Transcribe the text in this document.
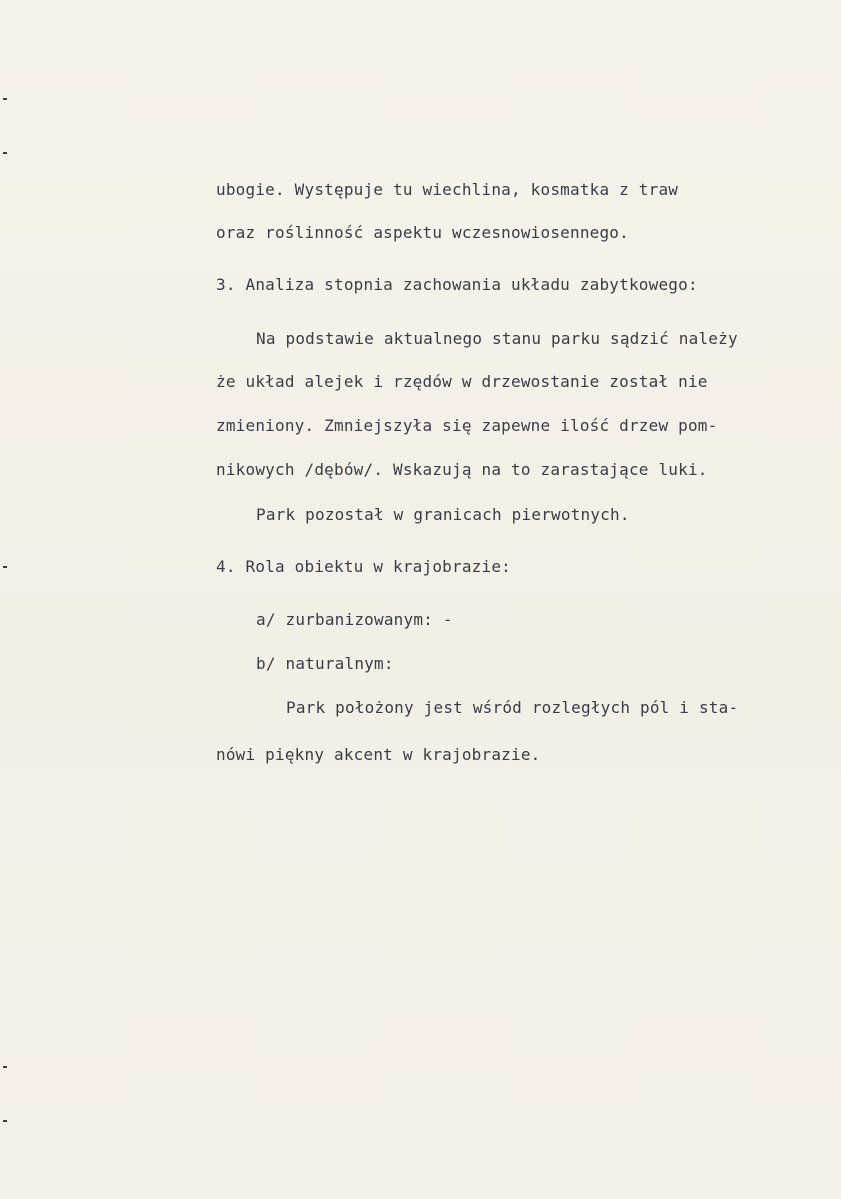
ubogie. Występuje tu wiechlina, kosmatka z traw
oraz roślinność aspektu wczesnowiosennego.
3. Analiza stopnia zachowania układu zabytkowego:
Na podstawie aktualnego stanu parku sądzić należy
że układ alejek i rzędów w drzewostanie został nie
zmieniony. Zmniejszyła się zapewne ilość drzew pom-
nikowych /dębów/. Wskazują na to zarastające luki.
Park pozostał w granicach pierwotnych.
4. Rola obiektu w krajobrazie:
a/ zurbanizowanym: -
b/ naturalnym:
Park położony jest wśród rozległych pól i sta-
nówi piękny akcent w krajobrazie.
